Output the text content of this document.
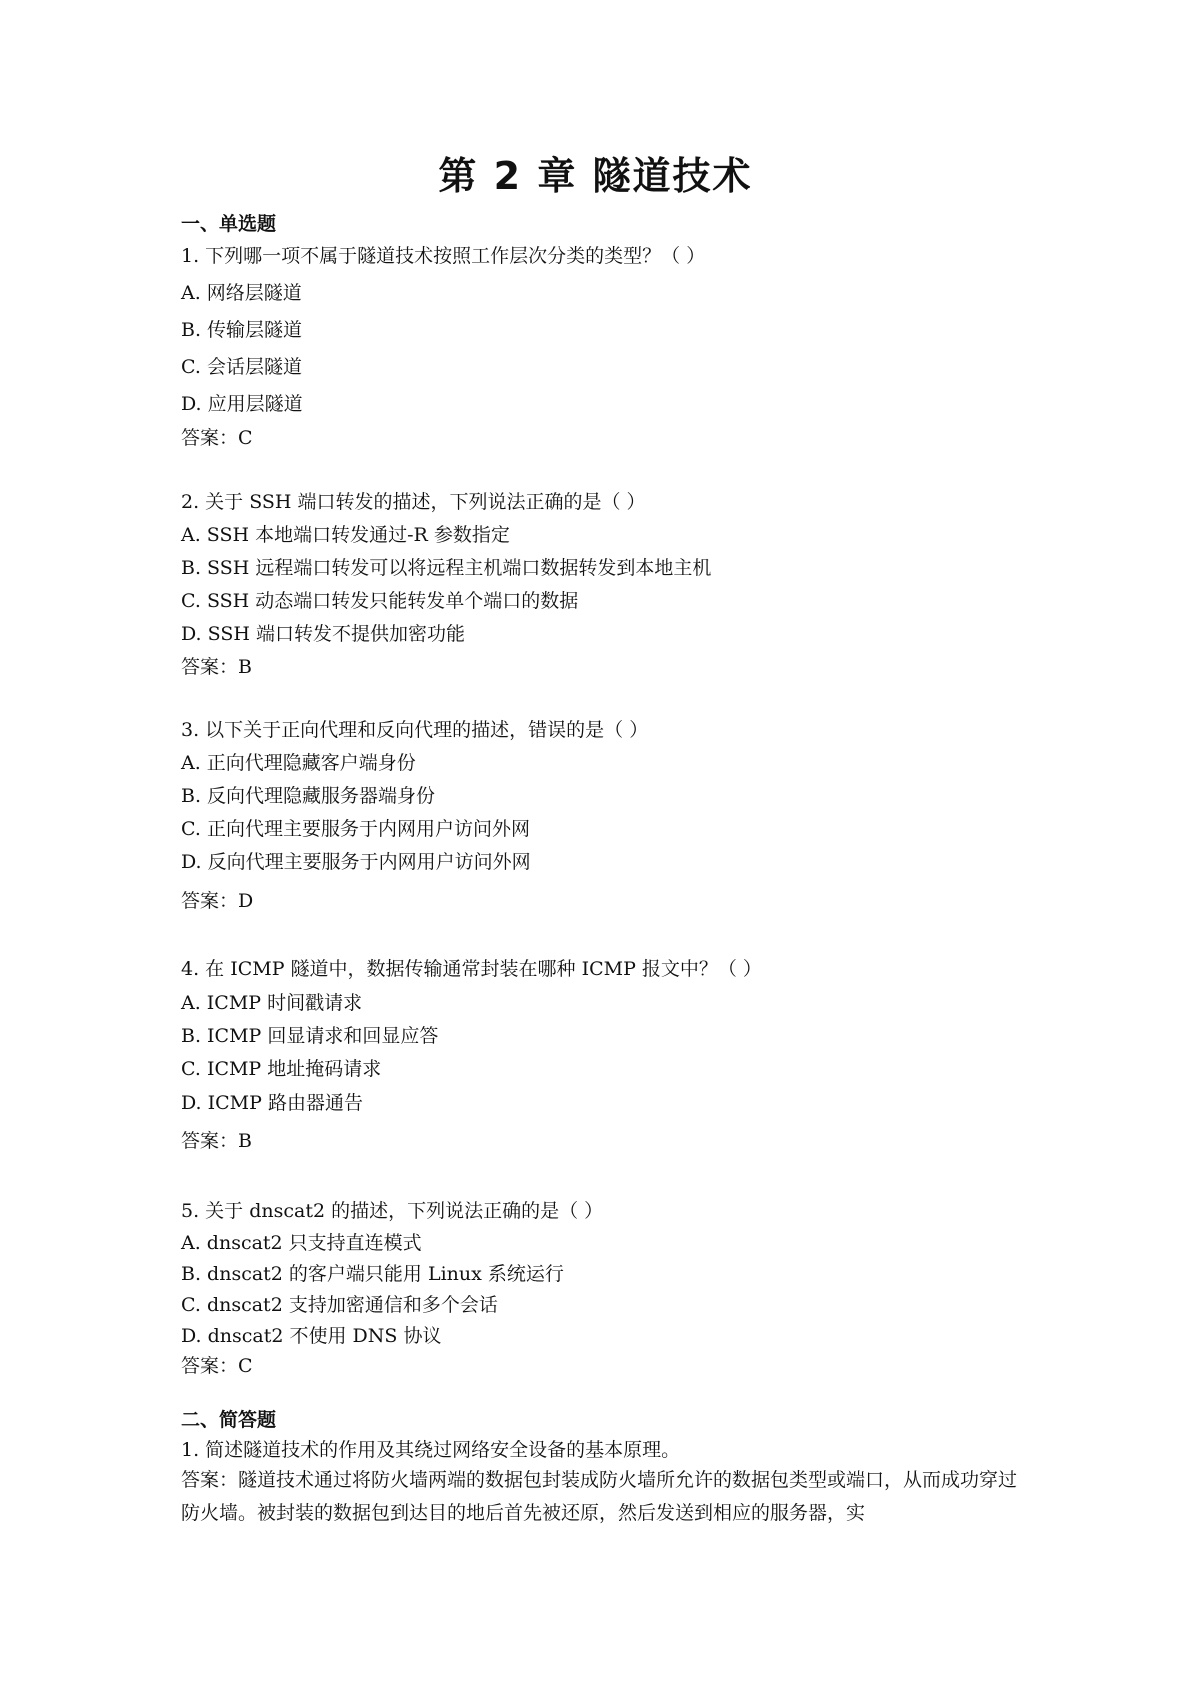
第 2 章 隧道技术
一、单选题
1. 下列哪一项不属于隧道技术按照工作层次分类的类型？（ ）
A. 网络层隧道
B. 传输层隧道
C. 会话层隧道
D. 应用层隧道
答案：C
2. 关于 SSH 端口转发的描述，下列说法正确的是（ ）
A. SSH 本地端口转发通过-R 参数指定
B. SSH 远程端口转发可以将远程主机端口数据转发到本地主机
C. SSH 动态端口转发只能转发单个端口的数据
D. SSH 端口转发不提供加密功能
答案：B
3. 以下关于正向代理和反向代理的描述，错误的是（ ）
A. 正向代理隐藏客户端身份
B. 反向代理隐藏服务器端身份
C. 正向代理主要服务于内网用户访问外网
D. 反向代理主要服务于内网用户访问外网
答案：D
4. 在 ICMP 隧道中，数据传输通常封装在哪种 ICMP 报文中？（ ）
A. ICMP 时间戳请求
B. ICMP 回显请求和回显应答
C. ICMP 地址掩码请求
D. ICMP 路由器通告
答案：B
5. 关于 dnscat2 的描述，下列说法正确的是（ ）
A. dnscat2 只支持直连模式
B. dnscat2 的客户端只能用 Linux 系统运行
C. dnscat2 支持加密通信和多个会话
D. dnscat2 不使用 DNS 协议
答案：C
二、简答题
1. 简述隧道技术的作用及其绕过网络安全设备的基本原理。
答案：隧道技术通过将防火墙两端的数据包封装成防火墙所允许的数据包类型或端口，从而成功穿过防火墙。被封装的数据包到达目的地后首先被还原，然后发送到相应的服务器，实
